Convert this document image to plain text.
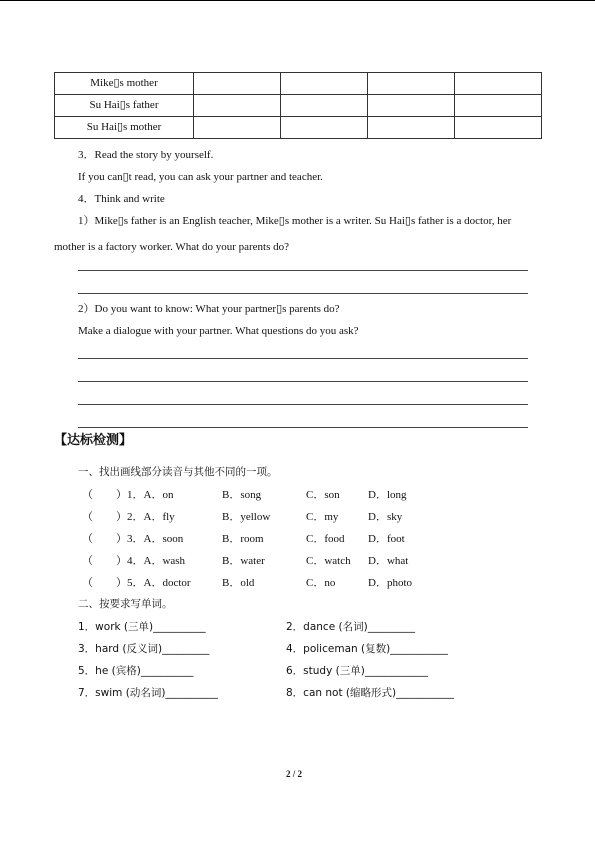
Mike▯s mother				
Su Hai▯s father				
Su Hai▯s mother				
3．Read the story by yourself.
If you can▯t read, you can ask your partner and teacher.
4．Think and write
1）Mike▯s father is an English teacher, Mike▯s mother is a writer. Su Hai▯s father is a doctor, her
mother is a factory worker. What do your parents do?
2）Do you want to know: What your partner▯s parents do?
Make a dialogue with your partner. What questions do you ask?
【达标检测】
一、找出画线部分读音与其他不同的一项。
（ ）1．A．on	B．song	C．son	D．long
（ ）2．A．fly	B．yellow	C．my	D．sky
（ ）3．A．soon	B．room	C．food D．foot
（ ）4．A．wash	B．water	C．watch D．what
（ ）5．A．doctor	B．old	C．no	D．photo
二、按要求写单词。
1．work (三单)__________	2．dance (名词)_________
3．hard (反义词)_________	4．policeman (复数)___________
5．he (宾格)__________	6．study (三单)____________
7．swim (动名词)__________	8．can not (缩略形式)___________
2 / 2
